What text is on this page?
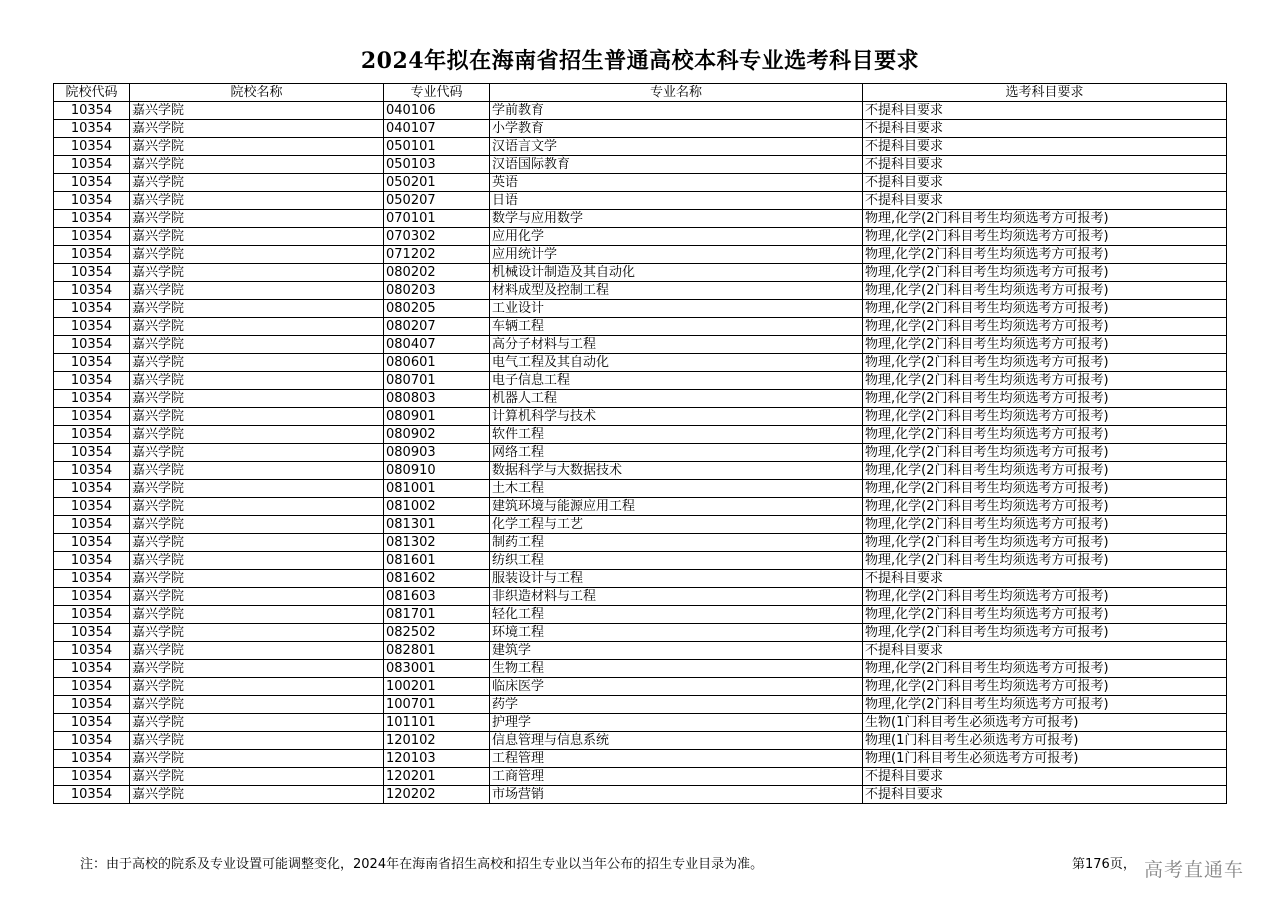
2024年拟在海南省招生普通高校本科专业选考科目要求
院校代码	院校名称	专业代码	专业名称	选考科目要求
10354	嘉兴学院	040106	学前教育	不提科目要求
10354	嘉兴学院	040107	小学教育	不提科目要求
10354	嘉兴学院	050101	汉语言文学	不提科目要求
10354	嘉兴学院	050103	汉语国际教育	不提科目要求
10354	嘉兴学院	050201	英语	不提科目要求
10354	嘉兴学院	050207	日语	不提科目要求
10354	嘉兴学院	070101	数学与应用数学	物理,化学(2门科目考生均须选考方可报考)
10354	嘉兴学院	070302	应用化学	物理,化学(2门科目考生均须选考方可报考)
10354	嘉兴学院	071202	应用统计学	物理,化学(2门科目考生均须选考方可报考)
10354	嘉兴学院	080202	机械设计制造及其自动化	物理,化学(2门科目考生均须选考方可报考)
10354	嘉兴学院	080203	材料成型及控制工程	物理,化学(2门科目考生均须选考方可报考)
10354	嘉兴学院	080205	工业设计	物理,化学(2门科目考生均须选考方可报考)
10354	嘉兴学院	080207	车辆工程	物理,化学(2门科目考生均须选考方可报考)
10354	嘉兴学院	080407	高分子材料与工程	物理,化学(2门科目考生均须选考方可报考)
10354	嘉兴学院	080601	电气工程及其自动化	物理,化学(2门科目考生均须选考方可报考)
10354	嘉兴学院	080701	电子信息工程	物理,化学(2门科目考生均须选考方可报考)
10354	嘉兴学院	080803	机器人工程	物理,化学(2门科目考生均须选考方可报考)
10354	嘉兴学院	080901	计算机科学与技术	物理,化学(2门科目考生均须选考方可报考)
10354	嘉兴学院	080902	软件工程	物理,化学(2门科目考生均须选考方可报考)
10354	嘉兴学院	080903	网络工程	物理,化学(2门科目考生均须选考方可报考)
10354	嘉兴学院	080910	数据科学与大数据技术	物理,化学(2门科目考生均须选考方可报考)
10354	嘉兴学院	081001	土木工程	物理,化学(2门科目考生均须选考方可报考)
10354	嘉兴学院	081002	建筑环境与能源应用工程	物理,化学(2门科目考生均须选考方可报考)
10354	嘉兴学院	081301	化学工程与工艺	物理,化学(2门科目考生均须选考方可报考)
10354	嘉兴学院	081302	制药工程	物理,化学(2门科目考生均须选考方可报考)
10354	嘉兴学院	081601	纺织工程	物理,化学(2门科目考生均须选考方可报考)
10354	嘉兴学院	081602	服装设计与工程	不提科目要求
10354	嘉兴学院	081603	非织造材料与工程	物理,化学(2门科目考生均须选考方可报考)
10354	嘉兴学院	081701	轻化工程	物理,化学(2门科目考生均须选考方可报考)
10354	嘉兴学院	082502	环境工程	物理,化学(2门科目考生均须选考方可报考)
10354	嘉兴学院	082801	建筑学	不提科目要求
10354	嘉兴学院	083001	生物工程	物理,化学(2门科目考生均须选考方可报考)
10354	嘉兴学院	100201	临床医学	物理,化学(2门科目考生均须选考方可报考)
10354	嘉兴学院	100701	药学	物理,化学(2门科目考生均须选考方可报考)
10354	嘉兴学院	101101	护理学	生物(1门科目考生必须选考方可报考)
10354	嘉兴学院	120102	信息管理与信息系统	物理(1门科目考生必须选考方可报考)
10354	嘉兴学院	120103	工程管理	物理(1门科目考生必须选考方可报考)
10354	嘉兴学院	120201	工商管理	不提科目要求
10354	嘉兴学院	120202	市场营销	不提科目要求
注：由于高校的院系及专业设置可能调整变化，2024年在海南省招生高校和招生专业以当年公布的招生专业目录为准。	第176页， 高考直通车
